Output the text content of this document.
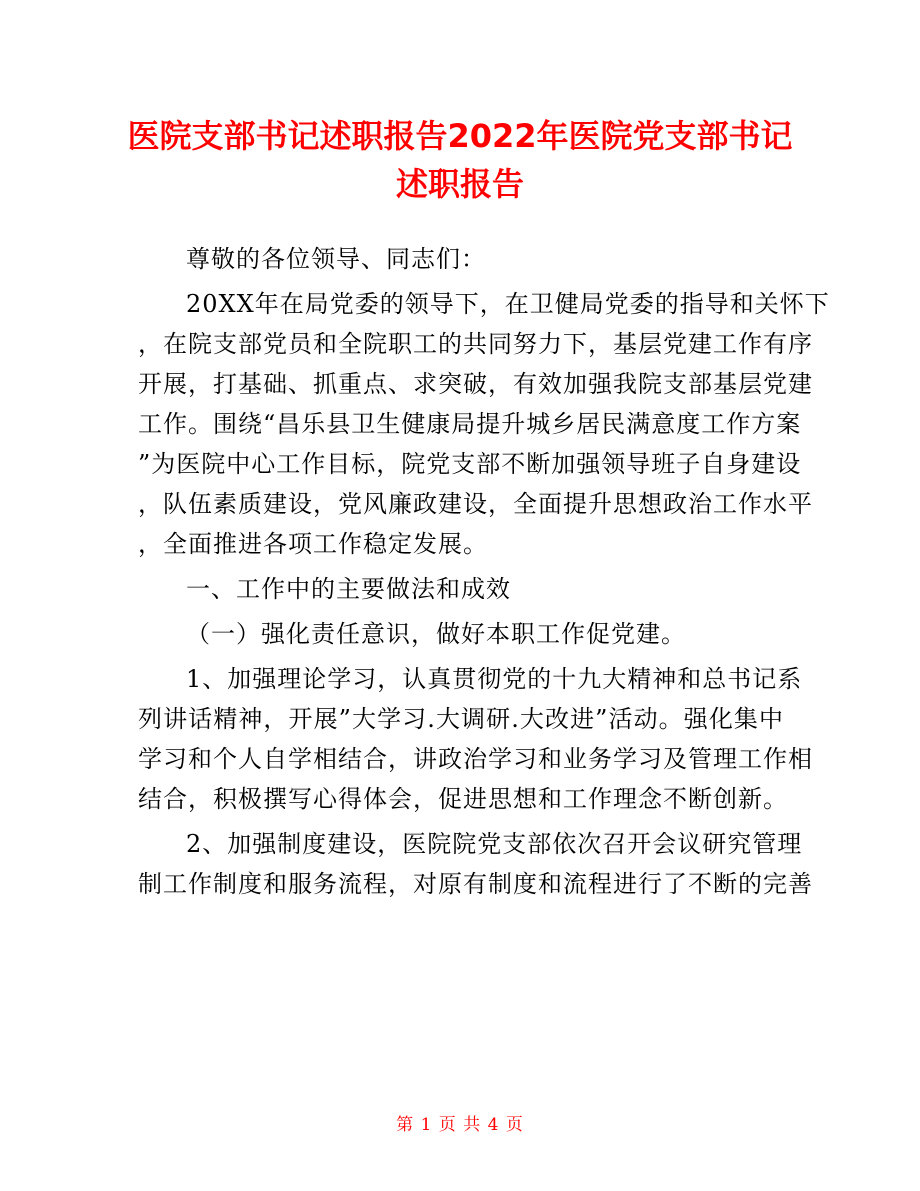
医院支部书记述职报告2022年医院党支部书记
述职报告
尊敬的各位领导、同志们：
20XX年在局党委的领导下，在卫健局党委的指导和关怀下
，在院支部党员和全院职工的共同努力下，基层党建工作有序
开展，打基础、抓重点、求突破，有效加强我院支部基层党建
工作。围绕“昌乐县卫生健康局提升城乡居民满意度工作方案
”为医院中心工作目标，院党支部不断加强领导班子自身建设
，队伍素质建设，党风廉政建设，全面提升思想政治工作水平
，全面推进各项工作稳定发展。
一、工作中的主要做法和成效
（一）强化责任意识，做好本职工作促党建。
1、加强理论学习，认真贯彻党的十九大精神和总书记系
列讲话精神，开展”大学习.大调研.大改进”活动。强化集中
学习和个人自学相结合，讲政治学习和业务学习及管理工作相
结合，积极撰写心得体会，促进思想和工作理念不断创新。
2、加强制度建设，医院院党支部依次召开会议研究管理
制工作制度和服务流程，对原有制度和流程进行了不断的完善
第 1 页 共 4 页
